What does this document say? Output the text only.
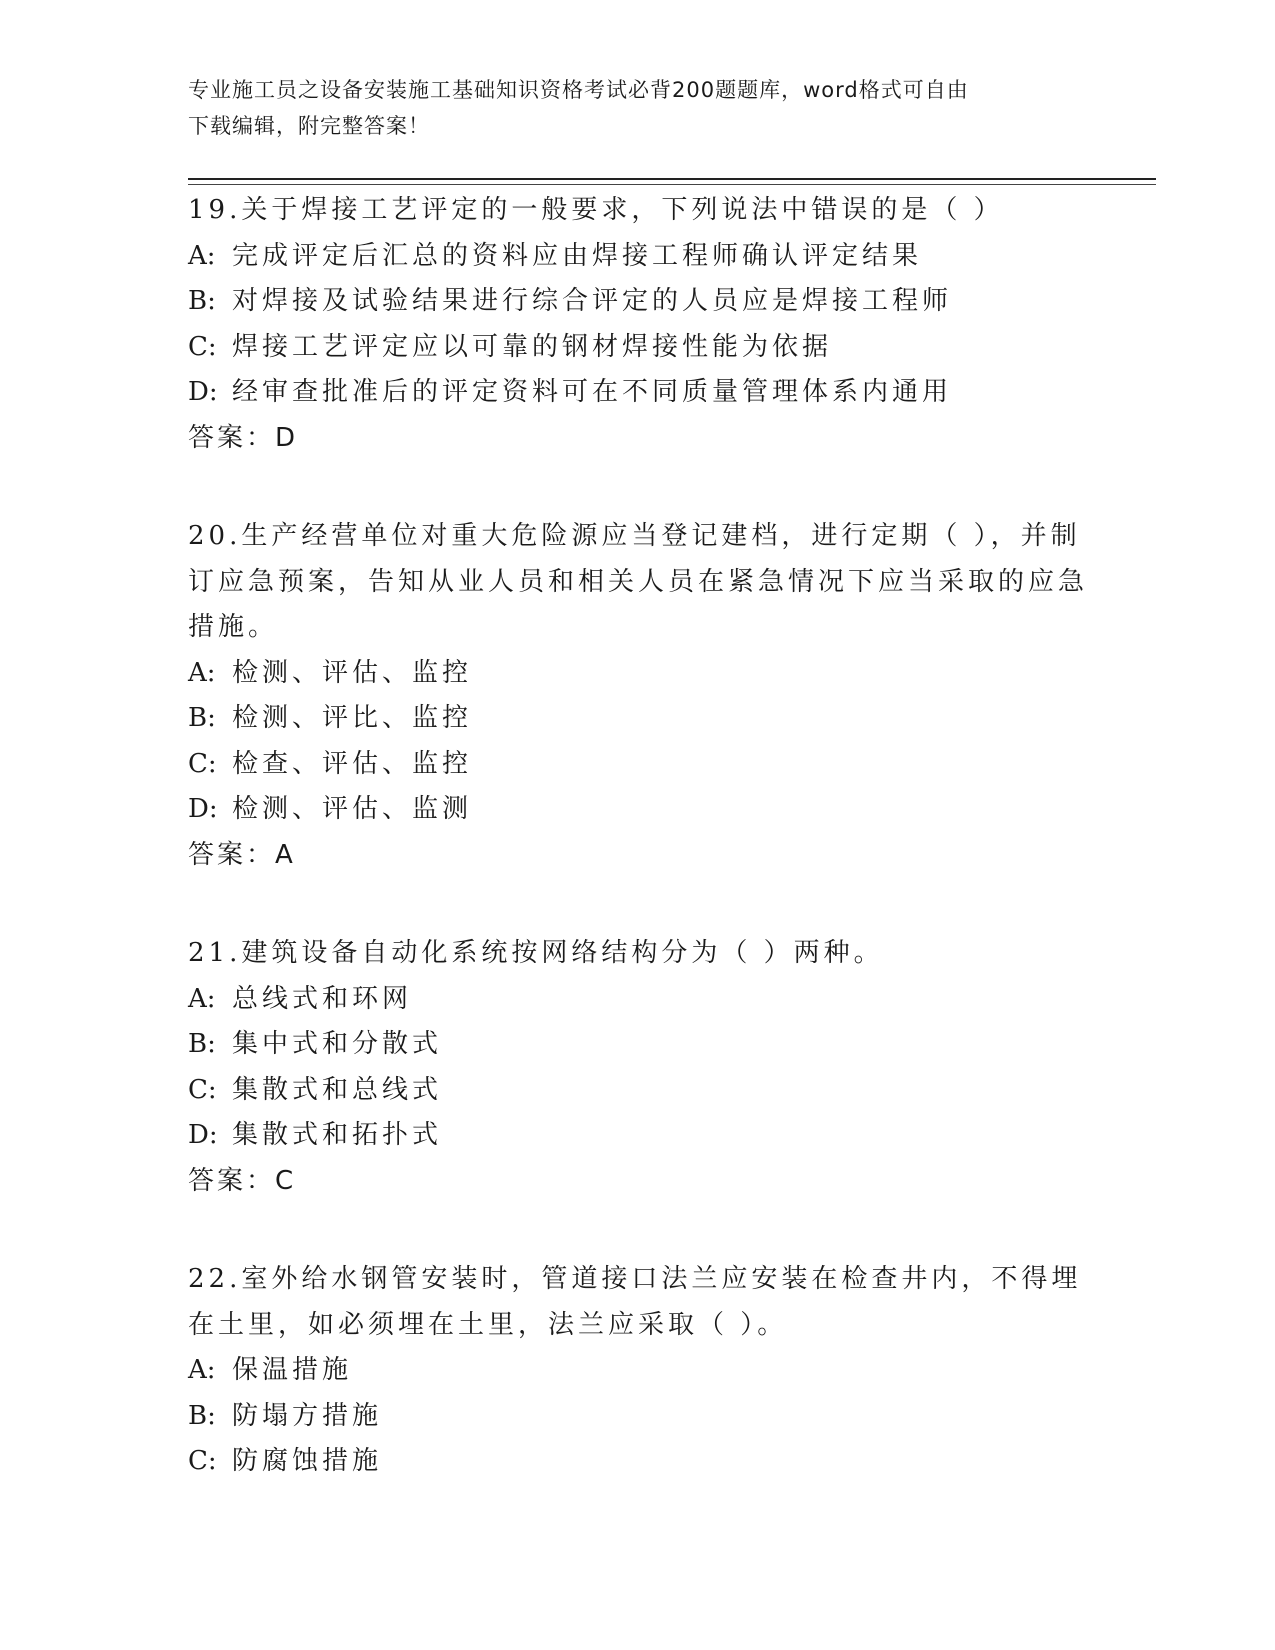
专业施工员之设备安装施工基础知识资格考试必背200题题库，word格式可自由
下载编辑，附完整答案！
19.关于焊接工艺评定的一般要求，下列说法中错误的是（ ）
A: 完成评定后汇总的资料应由焊接工程师确认评定结果
B: 对焊接及试验结果进行综合评定的人员应是焊接工程师
C: 焊接工艺评定应以可靠的钢材焊接性能为依据
D: 经审查批准后的评定资料可在不同质量管理体系内通用
答案：D
20.生产经营单位对重大危险源应当登记建档，进行定期（ ），并制订应急预案，告知从业人员和相关人员在紧急情况下应当采取的应急措施。
A: 检测、评估、监控
B: 检测、评比、监控
C: 检查、评估、监控
D: 检测、评估、监测
答案：A
21.建筑设备自动化系统按网络结构分为（ ）两种。
A: 总线式和环网
B: 集中式和分散式
C: 集散式和总线式
D: 集散式和拓扑式
答案：C
22.室外给水钢管安装时，管道接口法兰应安装在检查井内，不得埋在土里，如必须埋在土里，法兰应采取（ ）。
A: 保温措施
B: 防塌方措施
C: 防腐蚀措施
